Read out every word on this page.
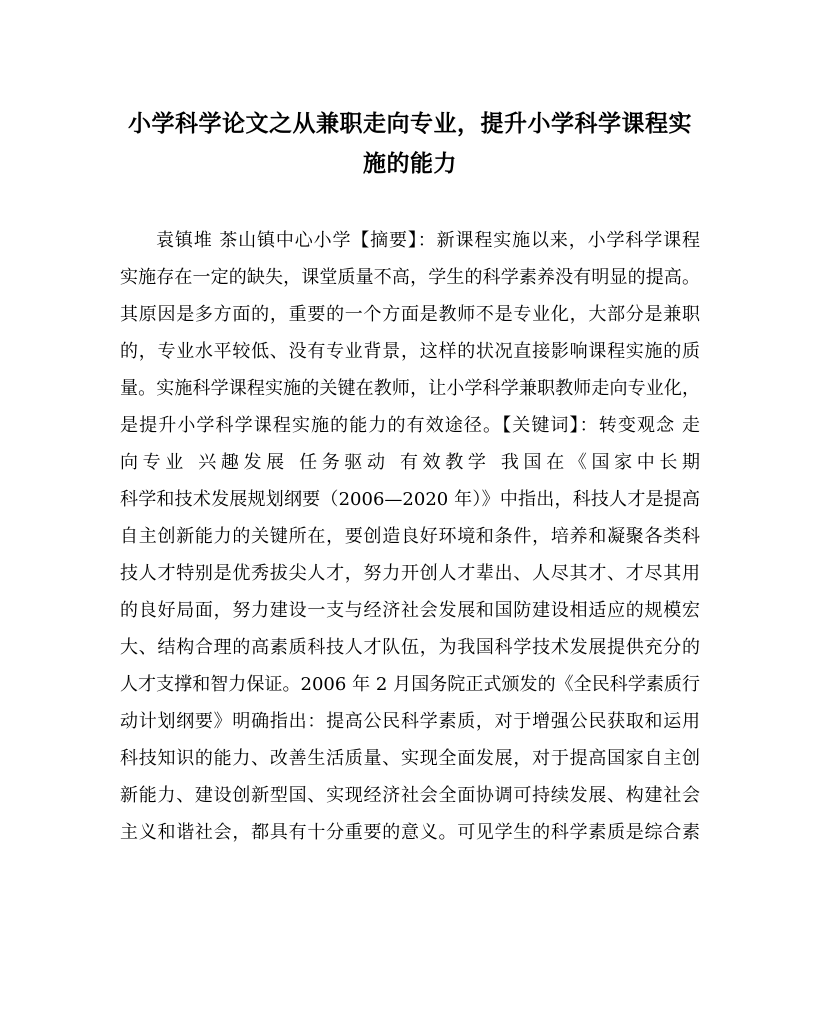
小学科学论文之从兼职走向专业，提升小学科学课程实
施的能力
袁镇堆 茶山镇中心小学【摘要】：新课程实施以来，小学科学课程
实施存在一定的缺失，课堂质量不高，学生的科学素养没有明显的提高。
其原因是多方面的，重要的一个方面是教师不是专业化，大部分是兼职
的，专业水平较低、没有专业背景，这样的状况直接影响课程实施的质
量。实施科学课程实施的关键在教师，让小学科学兼职教师走向专业化，
是提升小学科学课程实施的能力的有效途径。【关键词】：转变观念 走
向专业 兴趣发展 任务驱动 有效教学 我国在《国家中长期
科学和技术发展规划纲要（2006—2020 年）》中指出，科技人才是提高
自主创新能力的关键所在，要创造良好环境和条件，培养和凝聚各类科
技人才特别是优秀拔尖人才，努力开创人才辈出、人尽其才、才尽其用
的良好局面，努力建设一支与经济社会发展和国防建设相适应的规模宏
大、结构合理的高素质科技人才队伍，为我国科学技术发展提供充分的
人才支撑和智力保证。2006 年 2 月国务院正式颁发的《全民科学素质行
动计划纲要》明确指出：提高公民科学素质，对于增强公民获取和运用
科技知识的能力、改善生活质量、实现全面发展，对于提高国家自主创
新能力、建设创新型国、实现经济社会全面协调可持续发展、构建社会
主义和谐社会，都具有十分重要的意义。可见学生的科学素质是综合素
